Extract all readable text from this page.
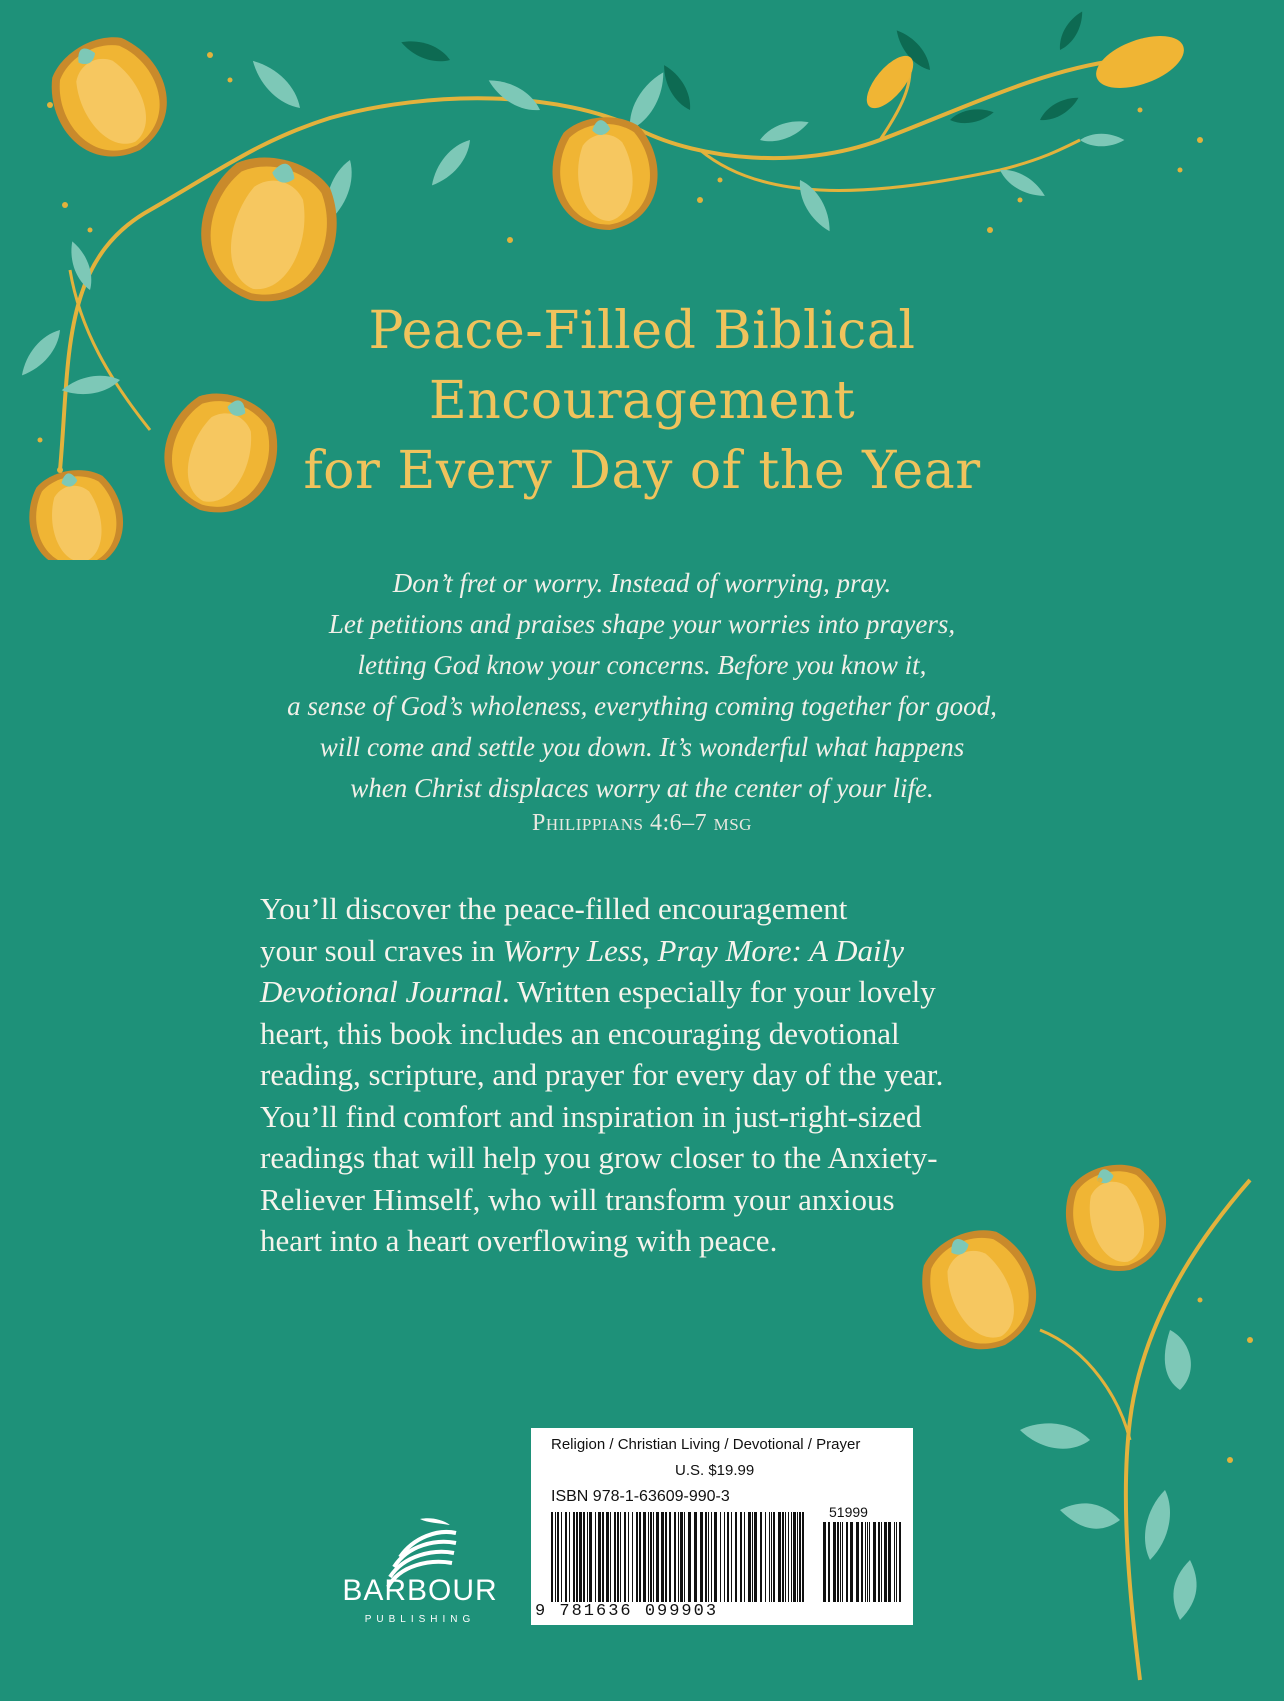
Peace-Filled Biblical
Encouragement
for Every Day of the Year
Don’t fret or worry. Instead of worrying, pray.
Let petitions and praises shape your worries into prayers,
letting God know your concerns. Before you know it,
a sense of God’s wholeness, everything coming together for good,
will come and settle you down. It’s wonderful what happens
when Christ displaces worry at the center of your life.
Philippians 4:6–7 msg
You’ll discover the peace-filled encouragement
your soul craves in Worry Less, Pray More: A Daily
Devotional Journal. Written especially for your lovely
heart, this book includes an encouraging devotional
reading, scripture, and prayer for every day of the year.
You’ll find comfort and inspiration in just-right-sized
readings that will help you grow closer to the Anxiety-
Reliever Himself, who will transform your anxious
heart into a heart overflowing with peace.
BARBOUR
PUBLISHING
Religion / Christian Living / Devotional / Prayer
U.S. $19.99
ISBN 978-1-63609-990-3
51999
9 781636 099903
